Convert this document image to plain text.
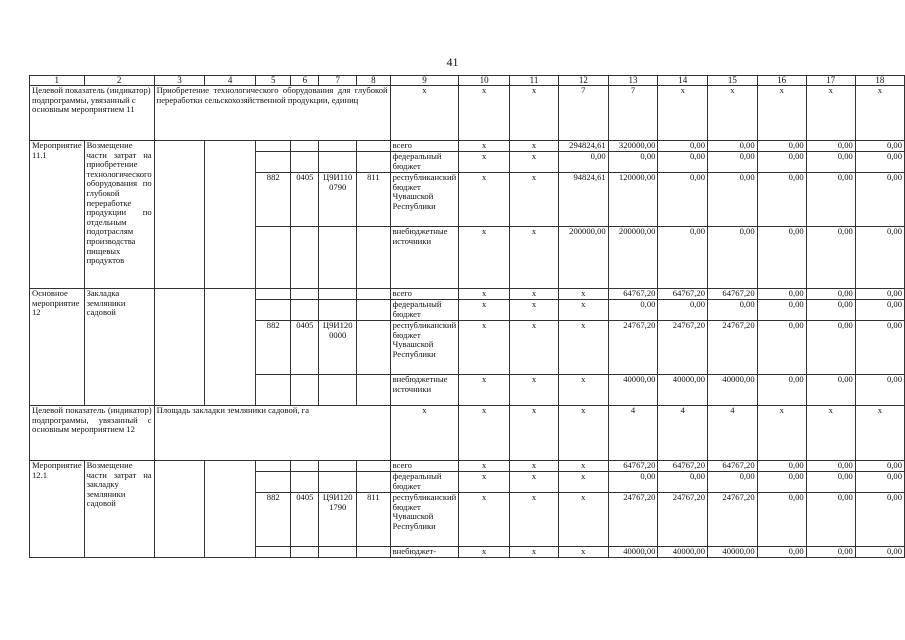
41
1	2	3	4	5	6	7	8	9	10	11	12	13	14	15	16	17	18
Целевой показатель (индикатор) подпрограммы, увязанный с основным мероприятием 11		Приобретение технологического оборудования для глубокой переработки сельскохозяйственной продукции, единиц						x	x	x	7	7	x	x	x	x	x
Мероприятие 11.1	Возмещение части затрат на приобретение технологического оборудования по глубокой переработке продукции по отдельным подотраслям производства пищевых продуктов							всего	x	x	294824,61	320000,00	0,00	0,00	0,00	0,00	0,00
								федеральный бюджет	x	x	0,00	0,00	0,00	0,00	0,00	0,00	0,00
				882	0405	Ц9И110 0790	811	республиканский бюджет Чувашской Республики	x	x	94824,61	120000,00	0,00	0,00	0,00	0,00	0,00
								внебюджетные источники	x	x	200000,00	200000,00	0,00	0,00	0,00	0,00	0,00
Основное мероприятие 12	Закладка земляники садовой							всего	x	x	x	64767,20	64767,20	64767,20	0,00	0,00	0,00
								федеральный бюджет	x	x	x	0,00	0,00	0,00	0,00	0,00	0,00
				882	0405	Ц9И120 0000		республиканский бюджет Чувашской Республики	x	x	x	24767,20	24767,20	24767,20	0,00	0,00	0,00
								внебюджетные источники	x	x	x	40000,00	40000,00	40000,00	0,00	0,00	0,00
Целевой показатель (индикатор) подпрограммы, увязанный с основным мероприятием 12		Площадь закладки земляники садовой, га						x	x	x	x	4	4	4	x	x	x
Мероприятие 12.1	Возмещение части затрат на закладку земляники садовой							всего	x	x	x	64767,20	64767,20	64767,20	0,00	0,00	0,00
								федеральный бюджет	x	x	x	0,00	0,00	0,00	0,00	0,00	0,00
				882	0405	Ц9И120 1790	811	республиканский бюджет Чувашской Республики	x	x	x	24767,20	24767,20	24767,20	0,00	0,00	0,00
								внебюджет-	x	x	x	40000,00	40000,00	40000,00	0,00	0,00	0,00
